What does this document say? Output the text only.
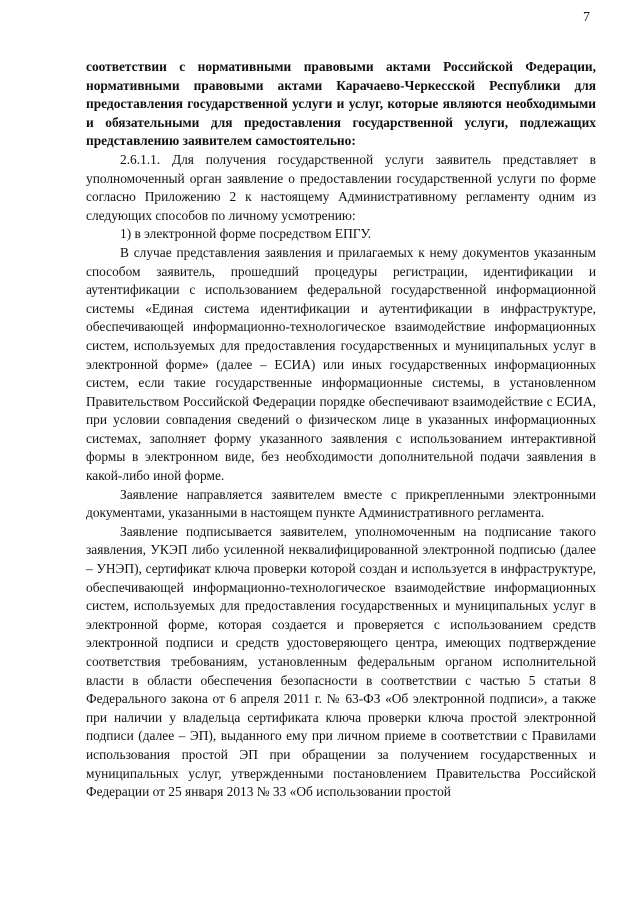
7

соответствии с нормативными правовыми актами Российской Федерации, нормативными правовыми актами Карачаево-Черкесской Республики для предоставления государственной услуги и услуг, которые являются необходимыми и обязательными для предоставления государственной услуги, подлежащих представлению заявителем самостоятельно:

2.6.1.1. Для получения государственной услуги заявитель представляет в уполномоченный орган заявление о предоставлении государственной услуги по форме согласно Приложению 2 к настоящему Административному регламенту одним из следующих способов по личному усмотрению:

1) в электронной форме посредством ЕПГУ.

В случае представления заявления и прилагаемых к нему документов указанным способом заявитель, прошедший процедуры регистрации, идентификации и аутентификации с использованием федеральной государственной информационной системы «Единая система идентификации и аутентификации в инфраструктуре, обеспечивающей информационно-технологическое взаимодействие информационных систем, используемых для предоставления государственных и муниципальных услуг в электронной форме» (далее – ЕСИА) или иных государственных информационных систем, если такие государственные информационные системы, в установленном Правительством Российской Федерации порядке обеспечивают взаимодействие с ЕСИА, при условии совпадения сведений о физическом лице в указанных информационных системах, заполняет форму указанного заявления с использованием интерактивной формы в электронном виде, без необходимости дополнительной подачи заявления в какой-либо иной форме.

Заявление направляется заявителем вместе с прикрепленными электронными документами, указанными в настоящем пункте Административного регламента.

Заявление подписывается заявителем, уполномоченным на подписание такого заявления, УКЭП либо усиленной неквалифицированной электронной подписью (далее – УНЭП), сертификат ключа проверки которой создан и используется в инфраструктуре, обеспечивающей информационно-технологическое взаимодействие информационных систем, используемых для предоставления государственных и муниципальных услуг в электронной форме, которая создается и проверяется с использованием средств электронной подписи и средств удостоверяющего центра, имеющих подтверждение соответствия требованиям, установленным федеральным органом исполнительной власти в области обеспечения безопасности в соответствии с частью 5 статьи 8 Федерального закона от 6 апреля 2011 г. № 63-ФЗ «Об электронной подписи», а также при наличии у владельца сертификата ключа проверки ключа простой электронной подписи (далее – ЭП), выданного ему при личном приеме в соответствии с Правилами использования простой ЭП при обращении за получением государственных и муниципальных услуг, утвержденными постановлением Правительства Российской Федерации от 25 января 2013 № 33 «Об использовании простой
